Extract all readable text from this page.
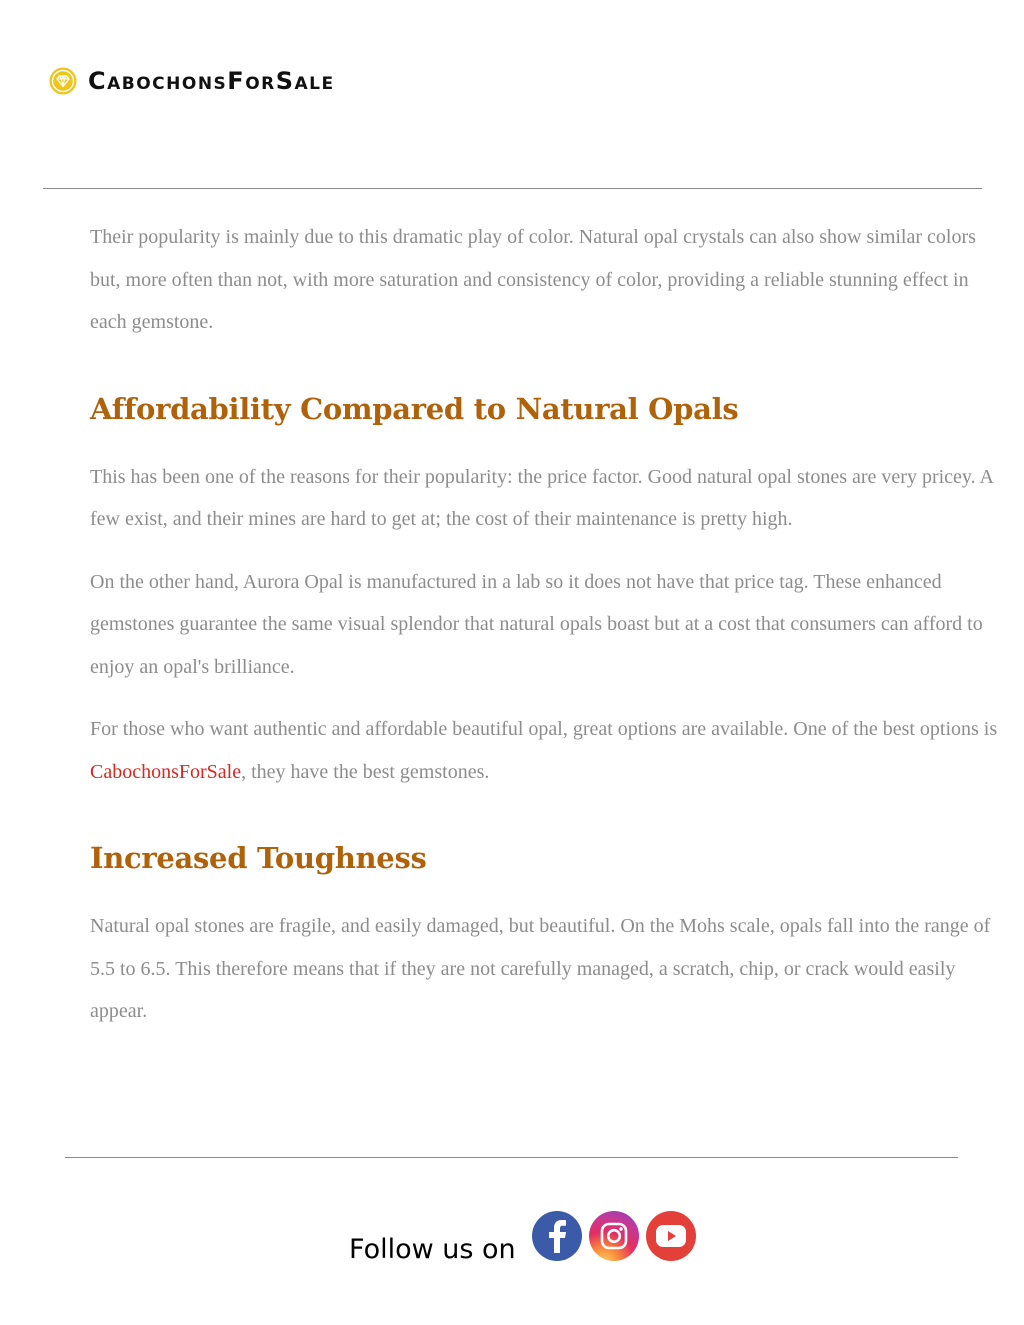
CabochonsForSale

Their popularity is mainly due to this dramatic play of color. Natural opal crystals can also show similar colors but, more often than not, with more saturation and consistency of color, providing a reliable stunning effect in each gemstone.

Affordability Compared to Natural Opals

This has been one of the reasons for their popularity: the price factor. Good natural opal stones are very pricey. A few exist, and their mines are hard to get at; the cost of their maintenance is pretty high.

On the other hand, Aurora Opal is manufactured in a lab so it does not have that price tag. These enhanced gemstones guarantee the same visual splendor that natural opals boast but at a cost that consumers can afford to enjoy an opal's brilliance.

For those who want authentic and affordable beautiful opal, great options are available. One of the best options is CabochonsForSale, they have the best gemstones.

Increased Toughness

Natural opal stones are fragile, and easily damaged, but beautiful. On the Mohs scale, opals fall into the range of 5.5 to 6.5. This therefore means that if they are not carefully managed, a scratch, chip, or crack would easily appear.

Follow us on
